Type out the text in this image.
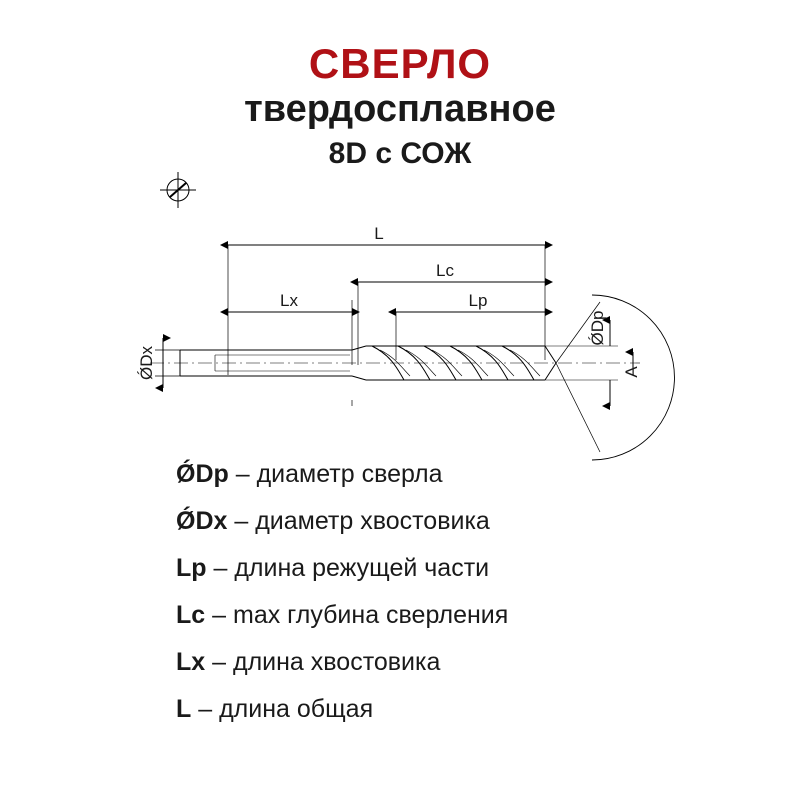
СВЕРЛО
твердосплавное
8D с СОЖ
L
Lc
Lx	Lp
ǾDx
ǾDp
A
ǾDp – диаметр сверла
ǾDx – диаметр хвостовика
Lp – длина режущей части
Lc – max глубина сверления
Lx – длина хвостовика
L – длина общая
